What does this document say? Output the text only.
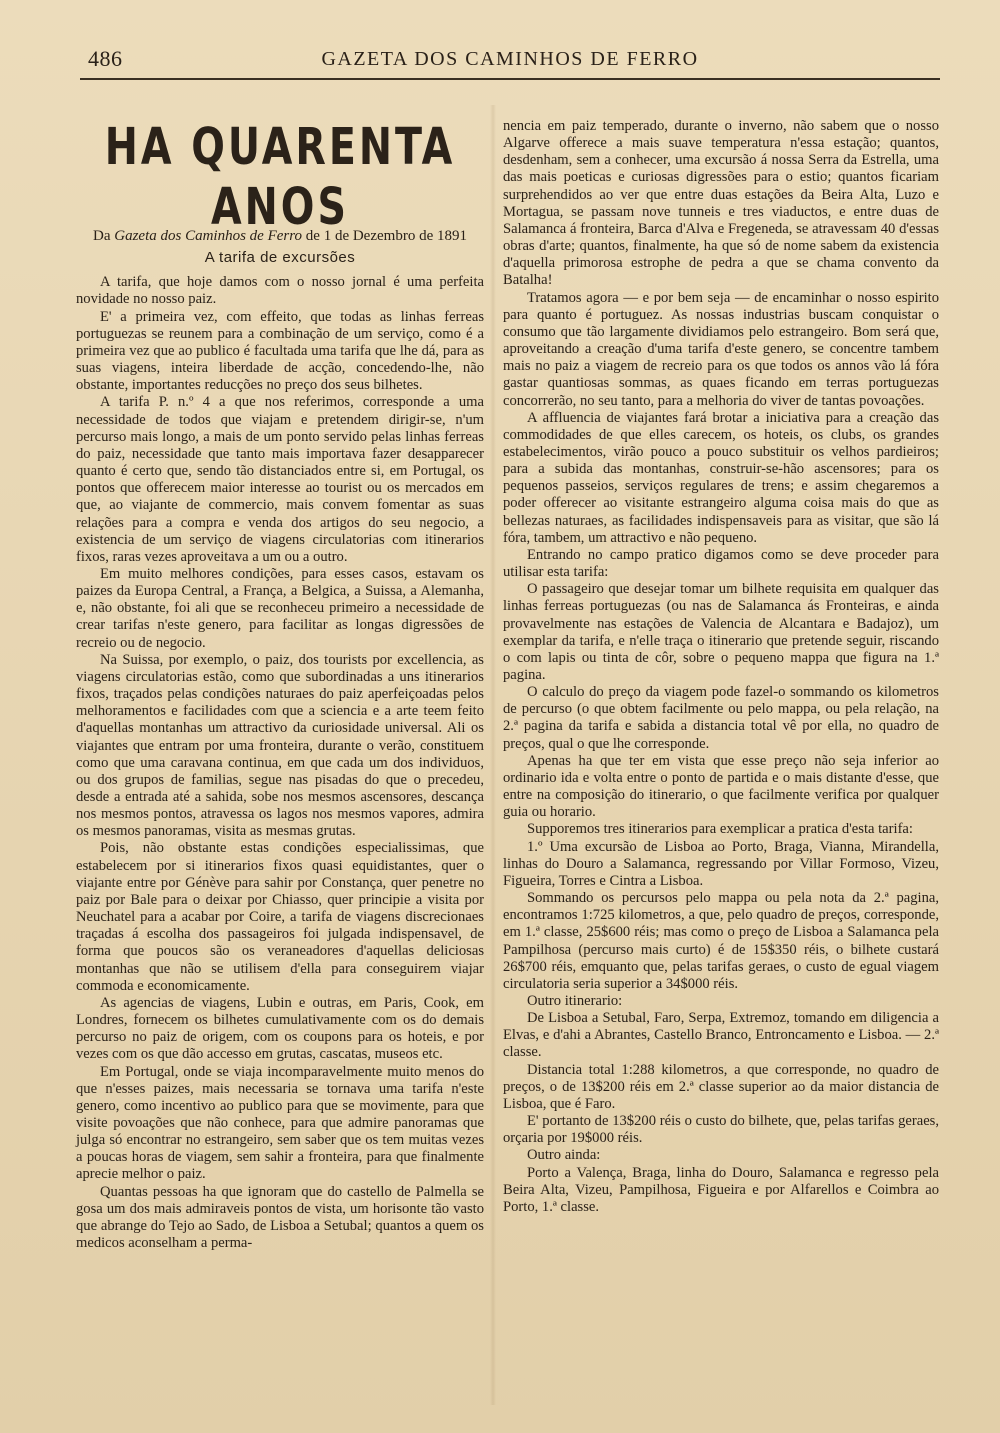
486	GAZETA DOS CAMINHOS DE FERRO
HA QUARENTA ANOS
Da Gazeta dos Caminhos de Ferro de 1 de Dezembro de 1891
A tarifa de excursões

A tarifa, que hoje damos com o nosso jornal é uma perfeita novidade no nosso paiz.

E' a primeira vez, com effeito, que todas as linhas ferreas portuguezas se reunem para a combinação de um serviço, como é a primeira vez que ao publico é facultada uma tarifa que lhe dá, para as suas viagens, inteira liberdade de acção, concedendo-lhe, não obstante, importantes reducções no preço dos seus bilhetes.

A tarifa P. n.º 4 a que nos referimos, corresponde a uma necessidade de todos que viajam e pretendem dirigir-se, n'um percurso mais longo, a mais de um ponto servido pelas linhas ferreas do paiz, necessidade que tanto mais importava fazer desapparecer quanto é certo que, sendo tão distanciados entre si, em Portugal, os pontos que offerecem maior interesse ao tourist ou os mercados em que, ao viajante de commercio, mais convem fomentar as suas relações para a compra e venda dos artigos do seu negocio, a existencia de um serviço de viagens circulatorias com itinerarios fixos, raras vezes aproveitava a um ou a outro.

Em muito melhores condições, para esses casos, estavam os paizes da Europa Central, a França, a Belgica, a Suissa, a Alemanha, e, não obstante, foi ali que se reconheceu primeiro a necessidade de crear tarifas n'este genero, para facilitar as longas digressões de recreio ou de negocio.

Na Suissa, por exemplo, o paiz, dos tourists por excellencia, as viagens circulatorias estão, como que subordinadas a uns itinerarios fixos, traçados pelas condições naturaes do paiz aperfeiçoadas pelos melhoramentos e facilidades com que a sciencia e a arte teem feito d'aquellas montanhas um attractivo da curiosidade universal. Ali os viajantes que entram por uma fronteira, durante o verão, constituem como que uma caravana continua, em que cada um dos individuos, ou dos grupos de familias, segue nas pisadas do que o precedeu, desde a entrada até a sahida, sobe nos mesmos ascensores, descança nos mesmos pontos, atravessa os lagos nos mesmos vapores, admira os mesmos panoramas, visita as mesmas grutas.

Pois, não obstante estas condições especialissimas, que estabelecem por si itinerarios fixos quasi equidistantes, quer o viajante entre por Génève para sahir por Constança, quer penetre no paiz por Bale para o deixar por Chiasso, quer principie a visita por Neuchatel para a acabar por Coire, a tarifa de viagens discrecionaes traçadas á escolha dos passageiros foi julgada indispensavel, de forma que poucos são os veraneadores d'aquellas deliciosas montanhas que não se utilisem d'ella para conseguirem viajar commoda e economicamente.

As agencias de viagens, Lubin e outras, em Paris, Cook, em Londres, fornecem os bilhetes cumulativamente com os do demais percurso no paiz de origem, com os coupons para os hoteis, e por vezes com os que dão accesso em grutas, cascatas, museos etc.

Em Portugal, onde se viaja incomparavelmente muito menos do que n'esses paizes, mais necessaria se tornava uma tarifa n'este genero, como incentivo ao publico para que se movimente, para que visite povoações que não conhece, para que admire panoramas que julga só encontrar no estrangeiro, sem saber que os tem muitas vezes a poucas horas de viagem, sem sahir a fronteira, para que finalmente aprecie melhor o paiz.

Quantas pessoas ha que ignoram que do castello de Palmella se gosa um dos mais admiraveis pontos de vista, um horisonte tão vasto que abrange do Tejo ao Sado, de Lisboa a Setubal; quantos a quem os medicos aconselham a perma-

nencia em paiz temperado, durante o inverno, não sabem que o nosso Algarve offerece a mais suave temperatura n'essa estação; quantos, desdenham, sem a conhecer, uma excursão á nossa Serra da Estrella, uma das mais poeticas e curiosas digressões para o estio; quantos ficariam surprehendidos ao ver que entre duas estações da Beira Alta, Luzo e Mortagua, se passam nove tunneis e tres viaductos, e entre duas de Salamanca á fronteira, Barca d'Alva e Fregeneda, se atravessam 40 d'essas obras d'arte; quantos, finalmente, ha que só de nome sabem da existencia d'aquella primorosa estrophe de pedra a que se chama convento da Batalha!

Tratamos agora — e por bem seja — de encaminhar o nosso espirito para quanto é portuguez. As nossas industrias buscam conquistar o consumo que tão largamente dividiamos pelo estrangeiro. Bom será que, aproveitando a creação d'uma tarifa d'este genero, se concentre tambem mais no paiz a viagem de recreio para os que todos os annos vão lá fóra gastar quantiosas sommas, as quaes ficando em terras portuguezas concorrerão, no seu tanto, para a melhoria do viver de tantas povoações.

A affluencia de viajantes fará brotar a iniciativa para a creação das commodidades de que elles carecem, os hoteis, os clubs, os grandes estabelecimentos, virão pouco a pouco substituir os velhos pardieiros; para a subida das montanhas, construir-se-hão ascensores; para os pequenos passeios, serviços regulares de trens; e assim chegaremos a poder offerecer ao visitante estrangeiro alguma coisa mais do que as bellezas naturaes, as facilidades indispensaveis para as visitar, que são lá fóra, tambem, um attractivo e não pequeno.

Entrando no campo pratico digamos como se deve proceder para utilisar esta tarifa:

O passageiro que desejar tomar um bilhete requisita em qualquer das linhas ferreas portuguezas (ou nas de Salamanca ás Fronteiras, e ainda provavelmente nas estações de Valencia de Alcantara e Badajoz), um exemplar da tarifa, e n'elle traça o itinerario que pretende seguir, riscando o com lapis ou tinta de côr, sobre o pequeno mappa que figura na 1.ª pagina.

O calculo do preço da viagem pode fazel-o sommando os kilometros de percurso (o que obtem facilmente ou pelo mappa, ou pela relação, na 2.ª pagina da tarifa e sabida a distancia total vê por ella, no quadro de preços, qual o que lhe corresponde.

Apenas ha que ter em vista que esse preço não seja inferior ao ordinario ida e volta entre o ponto de partida e o mais distante d'esse, que entre na composição do itinerario, o que facilmente verifica por qualquer guia ou horario.

Supporemos tres itinerarios para exemplicar a pratica d'esta tarifa:

1.º Uma excursão de Lisboa ao Porto, Braga, Vianna, Mirandella, linhas do Douro a Salamanca, regressando por Villar Formoso, Vizeu, Figueira, Torres e Cintra a Lisboa.

Sommando os percursos pelo mappa ou pela nota da 2.ª pagina, encontramos 1:725 kilometros, a que, pelo quadro de preços, corresponde, em 1.ª classe, 25$600 réis; mas como o preço de Lisboa a Salamanca pela Pampilhosa (percurso mais curto) é de 15$350 réis, o bilhete custará 26$700 réis, emquanto que, pelas tarifas geraes, o custo de egual viagem circulatoria seria superior a 34$000 réis.

Outro itinerario:

De Lisboa a Setubal, Faro, Serpa, Extremoz, tomando em diligencia a Elvas, e d'ahi a Abrantes, Castello Branco, Entroncamento e Lisboa. — 2.ª classe.

Distancia total 1:288 kilometros, a que corresponde, no quadro de preços, o de 13$200 réis em 2.ª classe superior ao da maior distancia de Lisboa, que é Faro.

E' portanto de 13$200 réis o custo do bilhete, que, pelas tarifas geraes, orçaria por 19$000 réis.

Outro ainda:

Porto a Valença, Braga, linha do Douro, Salamanca e regresso pela Beira Alta, Vizeu, Pampilhosa, Figueira e por Alfarellos e Coimbra ao Porto, 1.ª classe.
